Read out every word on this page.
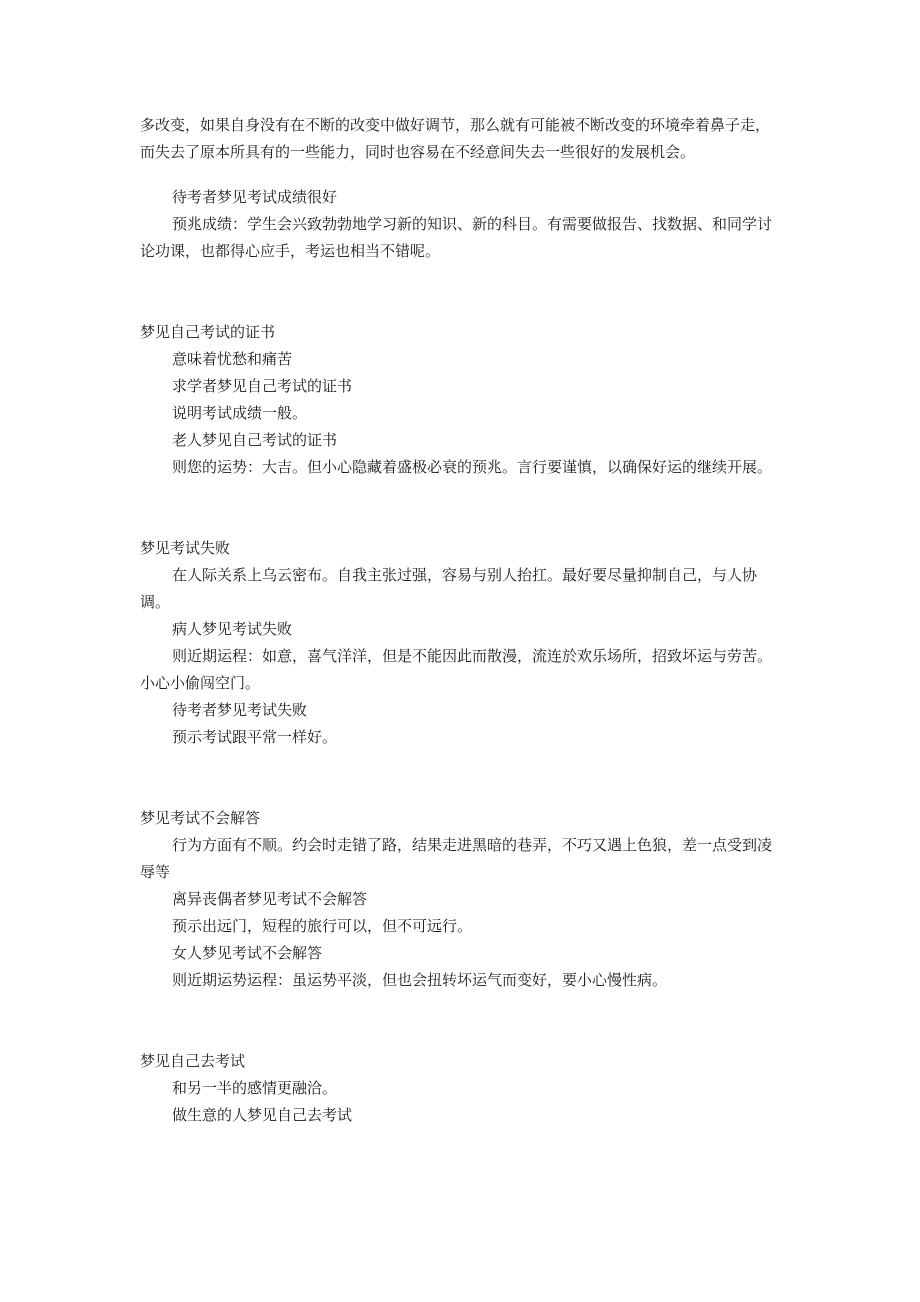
多改变，如果自身没有在不断的改变中做好调节，那么就有可能被不断改变的环境牵着鼻子走，而失去了原本所具有的一些能力，同时也容易在不经意间失去一些很好的发展机会。

待考者梦见考试成绩很好

预兆成绩：学生会兴致勃勃地学习新的知识、新的科目。有需要做报告、找数据、和同学讨论功课，也都得心应手，考运也相当不错呢。

梦见自己考试的证书

意味着忧愁和痛苦

求学者梦见自己考试的证书

说明考试成绩一般。

老人梦见自己考试的证书

则您的运势：大吉。但小心隐藏着盛极必衰的预兆。言行要谨慎，以确保好运的继续开展。

梦见考试失败

在人际关系上乌云密布。自我主张过强，容易与别人抬扛。最好要尽量抑制自己，与人协调。

病人梦见考试失败

则近期运程：如意，喜气洋洋，但是不能因此而散漫，流连於欢乐场所，招致坏运与劳苦。小心小偷闯空门。

待考者梦见考试失败

预示考试跟平常一样好。

梦见考试不会解答

行为方面有不顺。约会时走错了路，结果走进黑暗的巷弄，不巧又遇上色狼，差一点受到凌辱等

离异丧偶者梦见考试不会解答

预示出远门，短程的旅行可以，但不可远行。

女人梦见考试不会解答

则近期运势运程：虽运势平淡，但也会扭转坏运气而变好，要小心慢性病。

梦见自己去考试

和另一半的感情更融洽。

做生意的人梦见自己去考试
